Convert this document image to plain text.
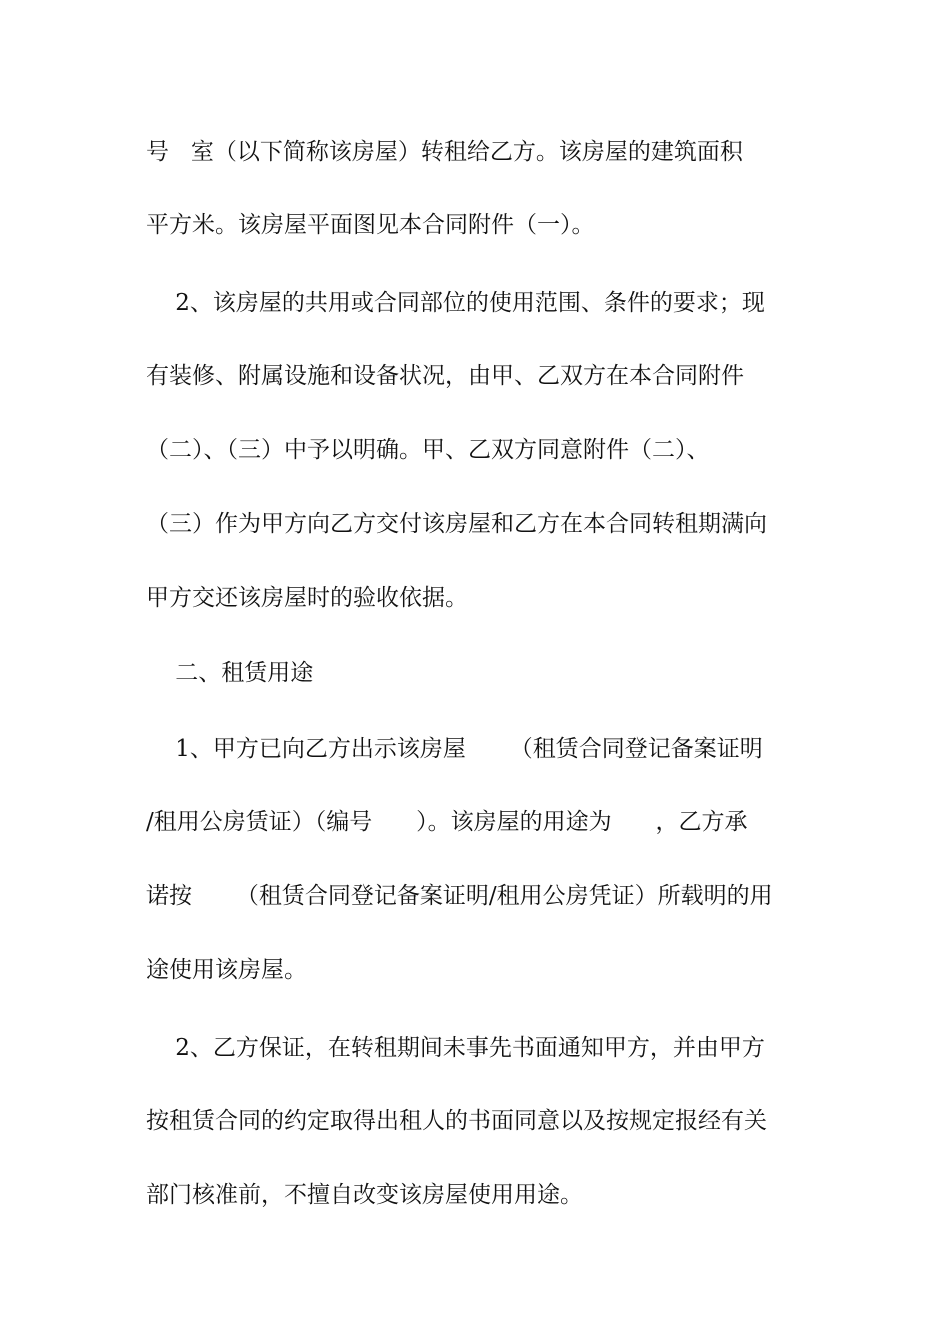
号   室（以下简称该房屋）转租给乙方。该房屋的建筑面积
平方米。该房屋平面图见本合同附件（一）。
2、该房屋的共用或合同部位的使用范围、条件的要求；现
有装修、附属设施和设备状况，由甲、乙双方在本合同附件
（二）、（三）中予以明确。甲、乙双方同意附件（二）、
（三）作为甲方向乙方交付该房屋和乙方在本合同转租期满向
甲方交还该房屋时的验收依据。
二、租赁用途
1、甲方已向乙方出示该房屋      （租赁合同登记备案证明
/租用公房赁证）（编号      ）。该房屋的用途为      ，乙方承
诺按      （租赁合同登记备案证明/租用公房凭证）所载明的用
途使用该房屋。
2、乙方保证，在转租期间未事先书面通知甲方，并由甲方
按租赁合同的约定取得出租人的书面同意以及按规定报经有关
部门核准前，不擅自改变该房屋使用用途。
